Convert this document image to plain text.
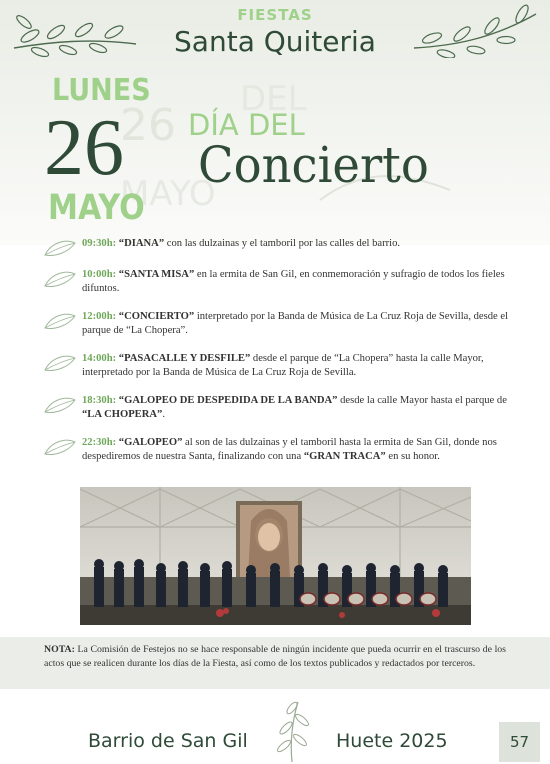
26
DEL
MAYO
FIESTAS
Santa Quiteria
LUNES
26
MAYO
DÍA DEL
Concierto
09:30h: “DIANA” con las dulzainas y el tamboril por las calles del barrio.
10:00h: “SANTA MISA” en la ermita de San Gil, en conmemoración y sufragio de todos los fieles difuntos.
12:00h: “CONCIERTO” interpretado por la Banda de Música de La Cruz Roja de Sevilla, desde el parque de “La Chopera”.
14:00h: “PASACALLE Y DESFILE” desde el parque de “La Chopera” hasta la calle Mayor, interpretado por la Banda de Música de La Cruz Roja de Sevilla.
18:30h: “GALOPEO DE DESPEDIDA DE LA BANDA” desde la calle Mayor hasta el parque de “LA CHOPERA”.
22:30h: “GALOPEO” al son de las dulzainas y el tamboril hasta la ermita de San Gil, donde nos despediremos de nuestra Santa, finalizando con una “GRAN TRACA” en su honor.
NOTA: La Comisión de Festejos no se hace responsable de ningún incidente que pueda ocurrir en el trascurso de los actos que se realicen durante los días de la Fiesta, así como de los textos publicados y redactados por terceros.
Barrio de San Gil	Huete 2025	57
